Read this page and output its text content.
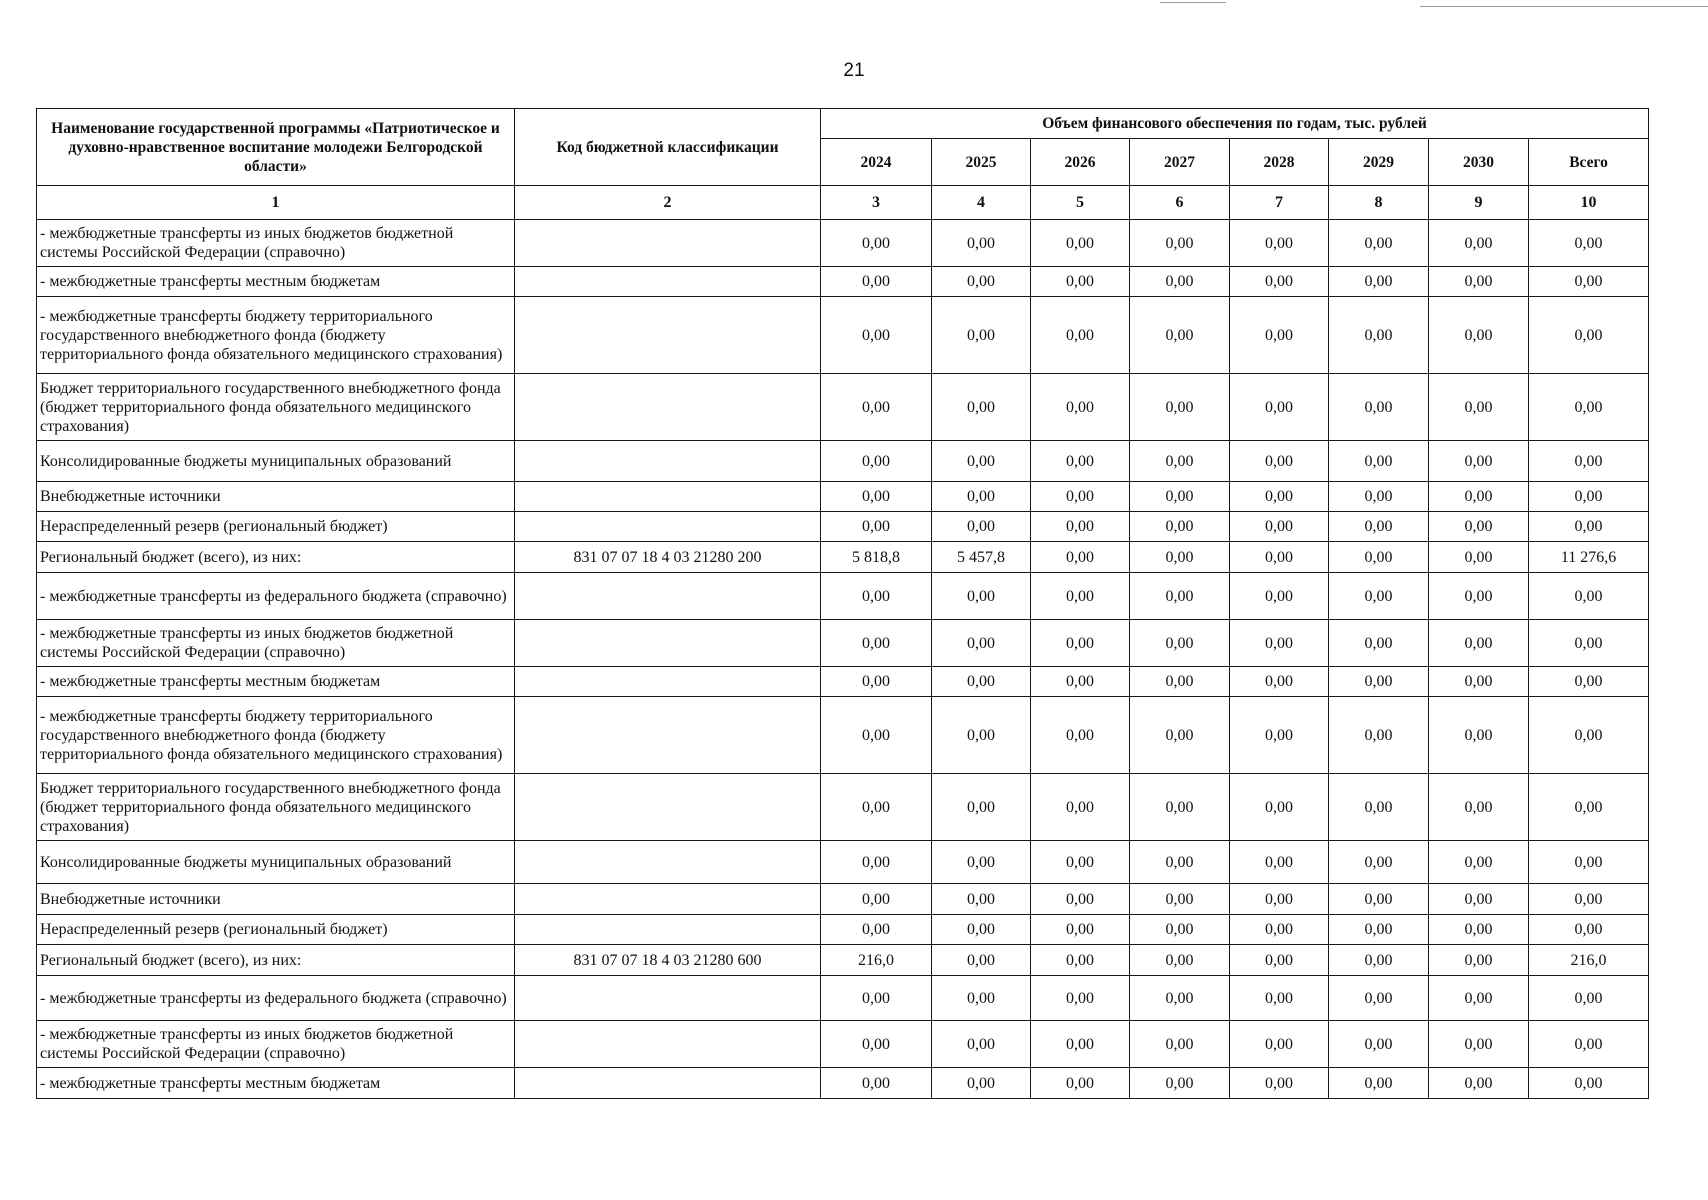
21
Наименование государственной программы «Патриотическое и духовно-нравственное воспитание молодежи Белгородской области»	Код бюджетной классификации	Объем финансового обеспечения по годам, тыс. рублей							
		2024	2025	2026	2027	2028	2029	2030	Всего
1	2	3	4	5	6	7	8	9	10
- межбюджетные трансферты из иных бюджетов бюджетной системы Российской Федерации (справочно)		0,00	0,00	0,00	0,00	0,00	0,00	0,00	0,00
- межбюджетные трансферты местным бюджетам		0,00	0,00	0,00	0,00	0,00	0,00	0,00	0,00
- межбюджетные трансферты бюджету территориального государственного внебюджетного фонда (бюджету территориального фонда обязательного медицинского страхования)		0,00	0,00	0,00	0,00	0,00	0,00	0,00	0,00
Бюджет территориального государственного внебюджетного фонда (бюджет территориального фонда обязательного медицинского страхования)		0,00	0,00	0,00	0,00	0,00	0,00	0,00	0,00
Консолидированные бюджеты муниципальных образований		0,00	0,00	0,00	0,00	0,00	0,00	0,00	0,00
Внебюджетные источники		0,00	0,00	0,00	0,00	0,00	0,00	0,00	0,00
Нераспределенный резерв (региональный бюджет)		0,00	0,00	0,00	0,00	0,00	0,00	0,00	0,00
Региональный бюджет (всего), из них:	831 07 07 18 4 03 21280 200	5 818,8	5 457,8	0,00	0,00	0,00	0,00	0,00	11 276,6
- межбюджетные трансферты из федерального бюджета (справочно)		0,00	0,00	0,00	0,00	0,00	0,00	0,00	0,00
- межбюджетные трансферты из иных бюджетов бюджетной системы Российской Федерации (справочно)		0,00	0,00	0,00	0,00	0,00	0,00	0,00	0,00
- межбюджетные трансферты местным бюджетам		0,00	0,00	0,00	0,00	0,00	0,00	0,00	0,00
- межбюджетные трансферты бюджету территориального государственного внебюджетного фонда (бюджету территориального фонда обязательного медицинского страхования)		0,00	0,00	0,00	0,00	0,00	0,00	0,00	0,00
Бюджет территориального государственного внебюджетного фонда (бюджет территориального фонда обязательного медицинского страхования)		0,00	0,00	0,00	0,00	0,00	0,00	0,00	0,00
Консолидированные бюджеты муниципальных образований		0,00	0,00	0,00	0,00	0,00	0,00	0,00	0,00
Внебюджетные источники		0,00	0,00	0,00	0,00	0,00	0,00	0,00	0,00
Нераспределенный резерв (региональный бюджет)		0,00	0,00	0,00	0,00	0,00	0,00	0,00	0,00
Региональный бюджет (всего), из них:	831 07 07 18 4 03 21280 600	216,0	0,00	0,00	0,00	0,00	0,00	0,00	216,0
- межбюджетные трансферты из федерального бюджета (справочно)		0,00	0,00	0,00	0,00	0,00	0,00	0,00	0,00
- межбюджетные трансферты из иных бюджетов бюджетной системы Российской Федерации (справочно)		0,00	0,00	0,00	0,00	0,00	0,00	0,00	0,00
- межбюджетные трансферты местным бюджетам		0,00	0,00	0,00	0,00	0,00	0,00	0,00	0,00
